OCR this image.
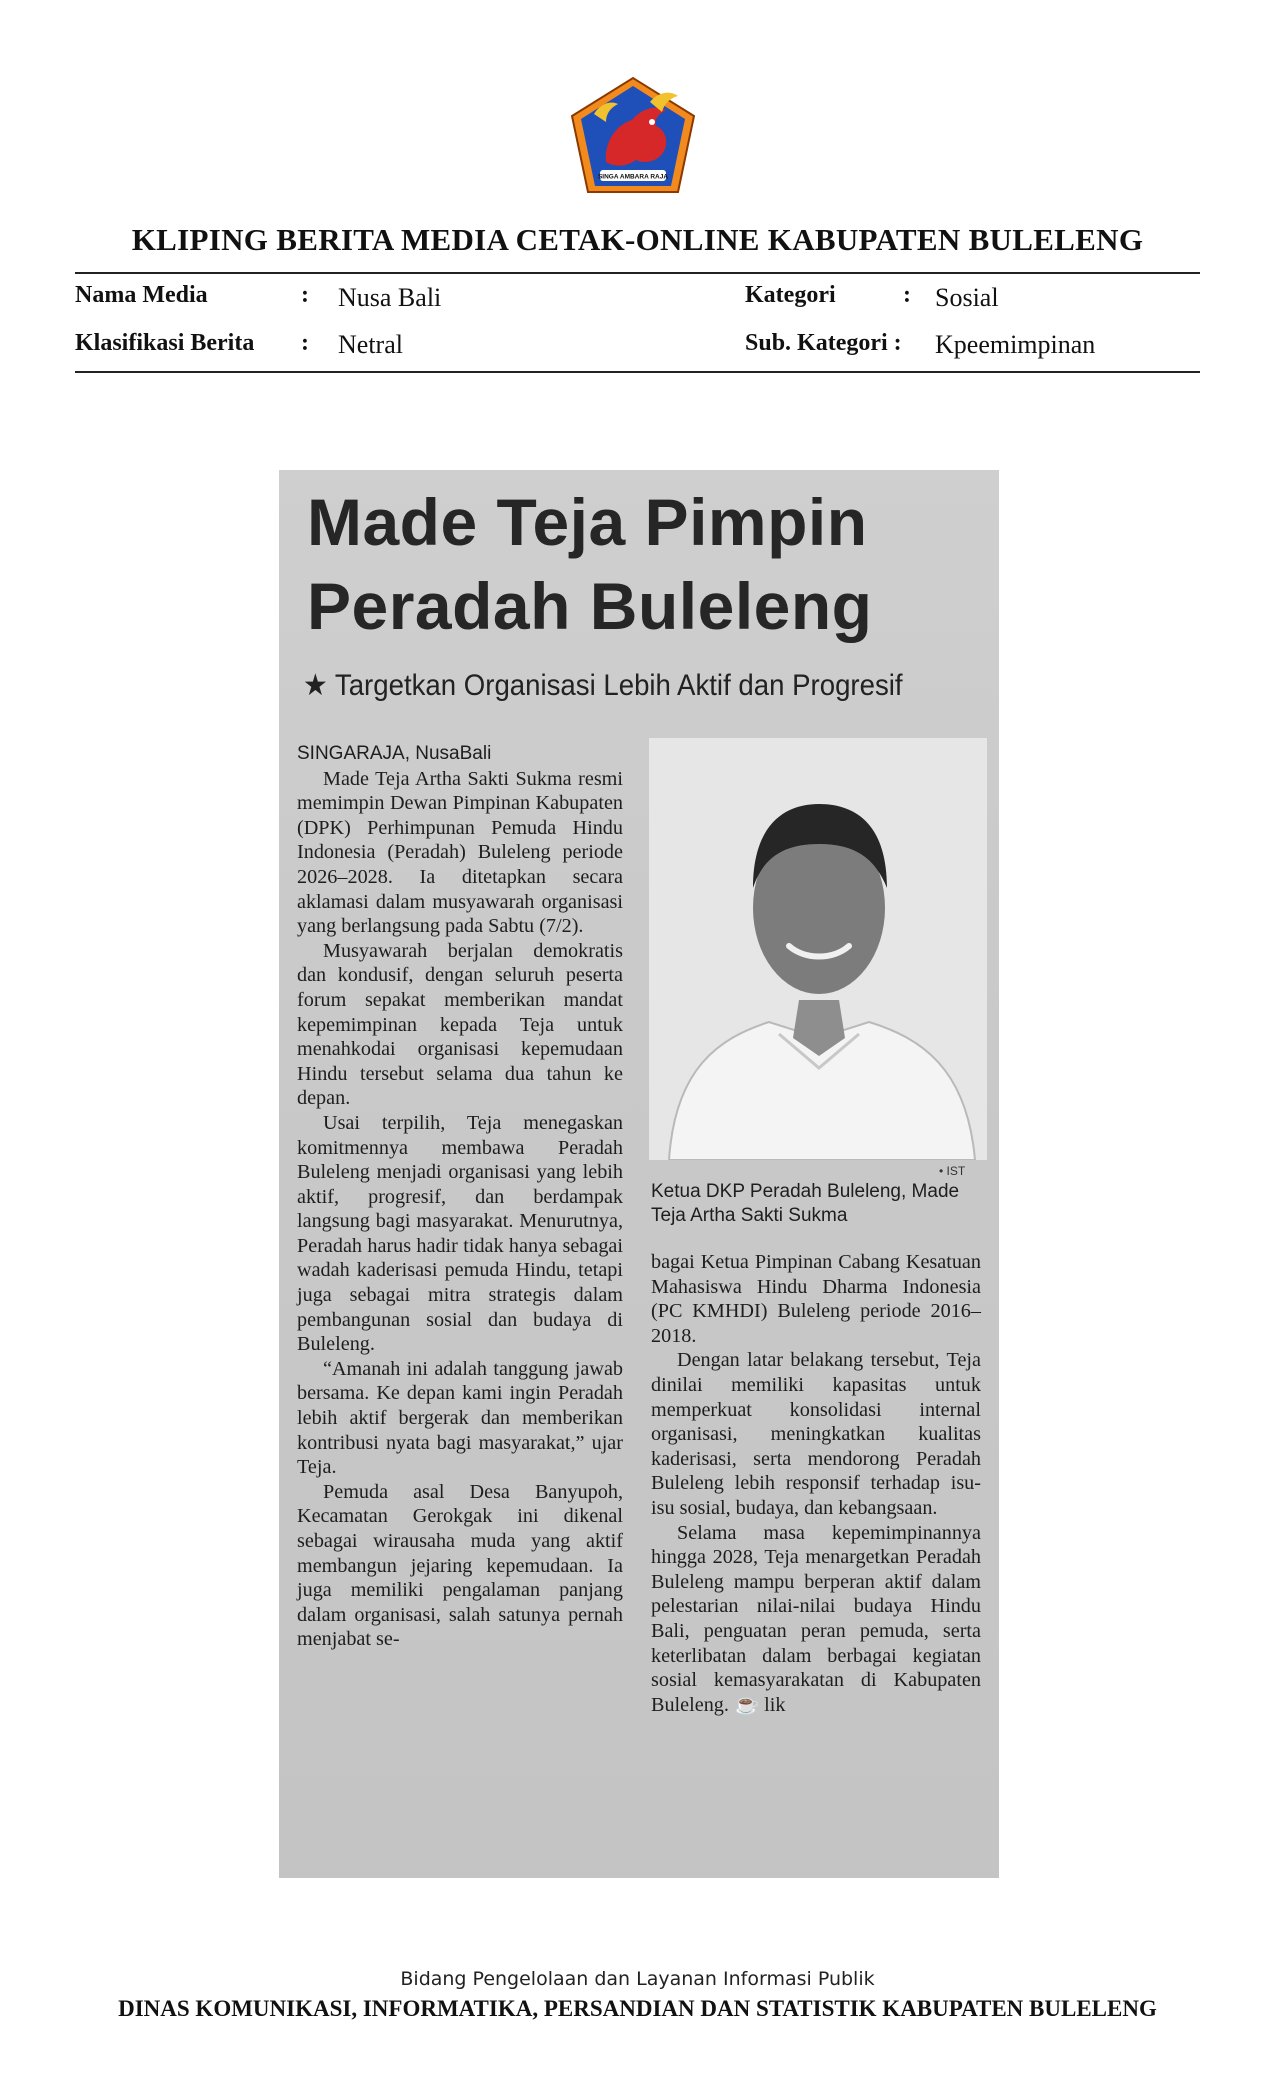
SINGA AMBARA RAJA
KLIPING BERITA MEDIA CETAK-ONLINE KABUPATEN BULELENG
Nama Media	: Nusa Bali
Klasifikasi Berita : Netral
Kategori	: Sosial
Sub. Kategori : Kpeemimpinan
Made Teja Pimpin Peradah Buleleng
★ Targetkan Organisasi Lebih Aktif dan Progresif

SINGARAJA, NusaBali

Made Teja Artha Sakti Sukma resmi memimpin Dewan Pimpinan Kabupaten (DPK) Perhimpunan Pemuda Hindu Indonesia (Peradah) Buleleng periode 2026–2028. Ia ditetapkan secara aklamasi dalam musyawarah organisasi yang berlangsung pada Sabtu (7/2).

Musyawarah berjalan demokratis dan kondusif, dengan seluruh peserta forum sepakat memberikan mandat kepemimpinan kepada Teja untuk menahkodai organisasi kepemudaan Hindu tersebut selama dua tahun ke depan.

Usai terpilih, Teja menegaskan komitmennya membawa Peradah Buleleng menjadi organisasi yang lebih aktif, progresif, dan berdampak langsung bagi masyarakat. Menurutnya, Peradah harus hadir tidak hanya sebagai wadah kaderisasi pemuda Hindu, tetapi juga sebagai mitra strategis dalam pembangunan sosial dan budaya di Buleleng.

“Amanah ini adalah tanggung jawab bersama. Ke depan kami ingin Peradah lebih aktif bergerak dan memberikan kontribusi nyata bagi masyarakat,” ujar Teja.

Pemuda asal Desa Banyupoh, Kecamatan Gerokgak ini dikenal sebagai wirausaha muda yang aktif membangun jejaring kepemudaan. Ia juga memiliki pengalaman panjang dalam organisasi, salah satunya pernah menjabat se-

• IST
Ketua DKP Peradah Buleleng, Made Teja Artha Sakti Sukma

bagai Ketua Pimpinan Cabang Kesatuan Mahasiswa Hindu Dharma Indonesia (PC KMHDI) Buleleng periode 2016–2018.

Dengan latar belakang tersebut, Teja dinilai memiliki kapasitas untuk memperkuat konsolidasi internal organisasi, meningkatkan kualitas kaderisasi, serta mendorong Peradah Buleleng lebih responsif terhadap isu-isu sosial, budaya, dan kebangsaan.

Selama masa kepemimpinannya hingga 2028, Teja menargetkan Peradah Buleleng mampu berperan aktif dalam pelestarian nilai-nilai budaya Hindu Bali, penguatan peran pemuda, serta keterlibatan dalam berbagai kegiatan sosial kemasyarakatan di Kabupaten Buleleng. ☕ lik

Bidang Pengelolaan dan Layanan Informasi Publik
DINAS KOMUNIKASI, INFORMATIKA, PERSANDIAN DAN STATISTIK KABUPATEN BULELENG
